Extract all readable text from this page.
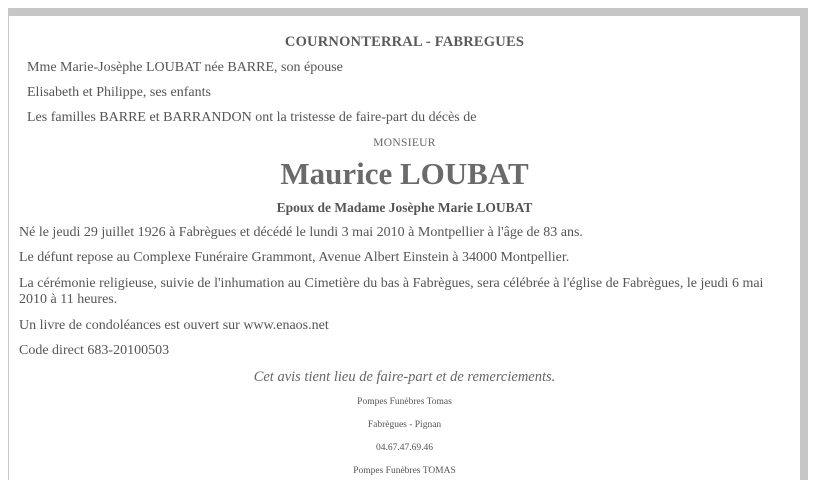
COURNONTERRAL - FABREGUES
Mme Marie-Josèphe LOUBAT née BARRE, son épouse
Elisabeth et Philippe, ses enfants
Les familles BARRE et BARRANDON ont la tristesse de faire-part du décès de
MONSIEUR
Maurice LOUBAT
Epoux de Madame Josèphe Marie LOUBAT
Né le jeudi 29 juillet 1926 à Fabrègues et décédé le lundi 3 mai 2010 à Montpellier à l'âge de 83 ans.
Le défunt repose au Complexe Funéraire Grammont, Avenue Albert Einstein à 34000 Montpellier.
La cérémonie religieuse, suivie de l'inhumation au Cimetière du bas à Fabrègues, sera célébrée à l'église de Fabrègues, le jeudi 6 mai 2010 à 11 heures.
Un livre de condoléances est ouvert sur www.enaos.net
Code direct 683-20100503
Cet avis tient lieu de faire-part et de remerciements.
Pompes Funèbres Tomas
Fabrègues - Pignan
04.67.47.69.46
Pompes Funèbres TOMAS
